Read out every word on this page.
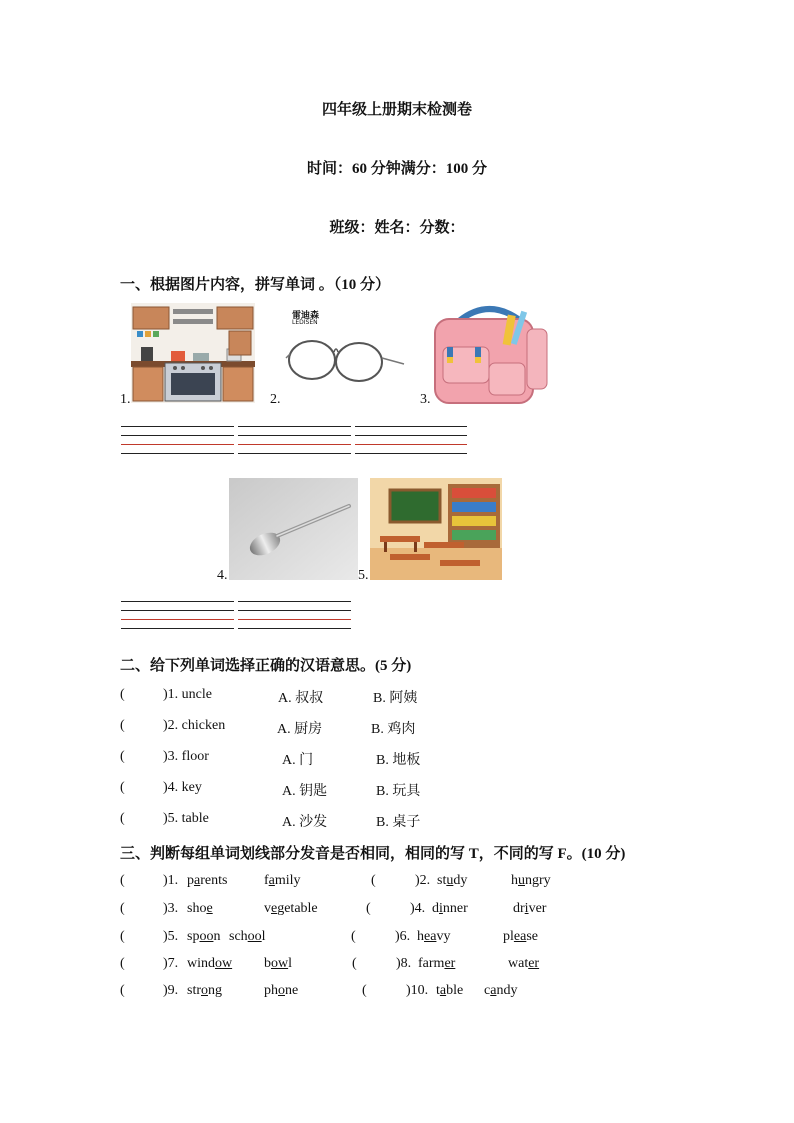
四年级上册期末检测卷
时间：60 分钟满分：100 分
班级：姓名：分数：
一、根据图片内容，拼写单词 。（10 分）
1.	2.
雷迪森
LEDISEN
3.
4.	5.
二、给下列单词选择正确的汉语意思。(5 分)
(	)1. uncle	A. 叔叔	B. 阿姨
(	)2. chicken	A. 厨房	B. 鸡肉
(	)3. floor	A. 门	B. 地板
(	)4. key	A. 钥匙	B. 玩具
(	)5. table	A. 沙发	B. 桌子
三、判断每组单词划线部分发音是否相同，相同的写 T，不同的写 F。(10 分)
(	)1. parents	family	(	)2. study	hungry
(	)3. shoe	vegetable	(	)4. dinner	driver
(	)5. spoon school	(	)6. heavy	please
(	)7. window bowl	(	)8. farmer	water
(	)9. strong	phone	(	)10. table candy
